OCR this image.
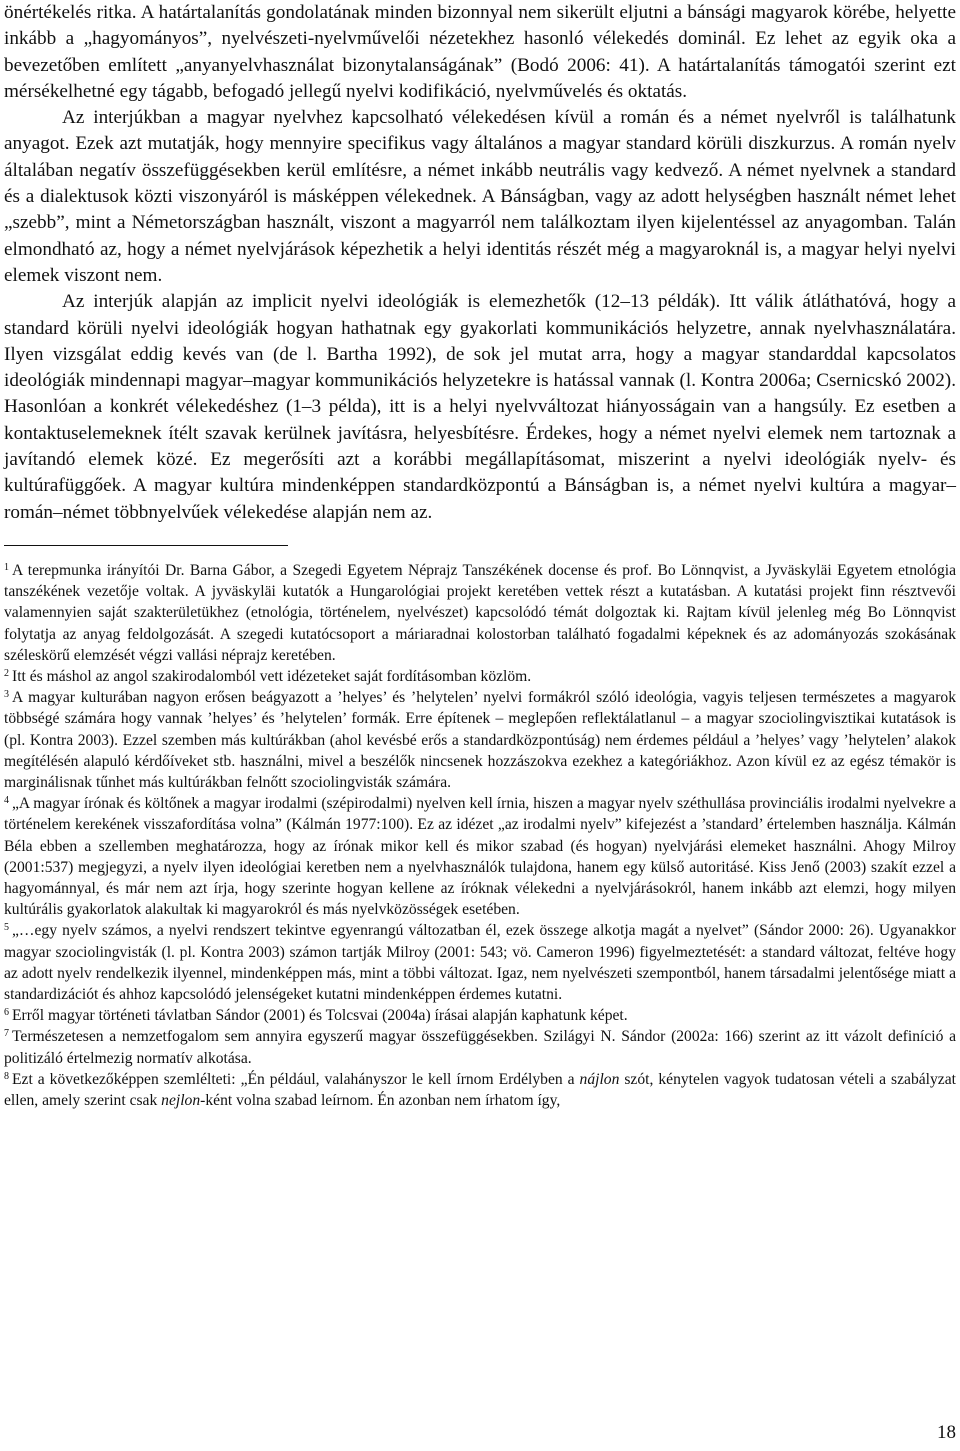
önértékelés ritka. A határtalanítás gondolatának minden bizonnyal nem sikerült eljutni a bánsági magyarok körébe, helyette inkább a „hagyományos”, nyelvészeti-nyelvművelői nézetekhez hasonló vélekedés dominál. Ez lehet az egyik oka a bevezetőben említett „anyanyelvhasználat bizonytalanságának” (Bodó 2006: 41). A határtalanítás támogatói szerint ezt mérsékelhetné egy tágabb, befogadó jellegű nyelvi kodifikáció, nyelvművelés és oktatás.

Az interjúkban a magyar nyelvhez kapcsolható vélekedésen kívül a román és a német nyelvről is találhatunk anyagot. Ezek azt mutatják, hogy mennyire specifikus vagy általános a magyar standard körüli diszkurzus. A román nyelv általában negatív összefüggésekben kerül említésre, a német inkább neutrális vagy kedvező. A német nyelvnek a standard és a dialektusok közti viszonyáról is másképpen vélekednek. A Bánságban, vagy az adott helységben használt német lehet „szebb”, mint a Németországban használt, viszont a magyarról nem találkoztam ilyen kijelentéssel az anyagomban. Talán elmondható az, hogy a német nyelvjárások képezhetik a helyi identitás részét még a magyaroknál is, a magyar helyi nyelvi elemek viszont nem.

Az interjúk alapján az implicit nyelvi ideológiák is elemezhetők (12–13 példák). Itt válik átláthatóvá, hogy a standard körüli nyelvi ideológiák hogyan hathatnak egy gyakorlati kommunikációs helyzetre, annak nyelvhasználatára. Ilyen vizsgálat eddig kevés van (de l. Bartha 1992), de sok jel mutat arra, hogy a magyar standarddal kapcsolatos ideológiák mindennapi magyar–magyar kommunikációs helyzetekre is hatással vannak (l. Kontra 2006a; Csernicskó 2002). Hasonlóan a konkrét vélekedéshez (1–3 példa), itt is a helyi nyelvváltozat hiányosságain van a hangsúly. Ez esetben a kontaktuselemeknek ítélt szavak kerülnek javításra, helyesbítésre. Érdekes, hogy a német nyelvi elemek nem tartoznak a javítandó elemek közé. Ez megerősíti azt a korábbi megállapításomat, miszerint a nyelvi ideológiák nyelv- és kultúrafüggőek. A magyar kultúra mindenképpen standardközpontú a Bánságban is, a német nyelvi kultúra a magyar–román–német többnyelvűek vélekedése alapján nem az.

$^1$ A terepmunka irányítói Dr. Barna Gábor, a Szegedi Egyetem Néprajz Tanszékének docense és prof. Bo Lönnqvist, a Jyväskyläi Egyetem etnológia tanszékének vezetője voltak. A jyväskyläi kutatók a Hungarológiai projekt keretében vettek részt a kutatásban. A kutatási projekt finn résztvevői valamennyien saját szakterületükhez (etnológia, történelem, nyelvészet) kapcsolódó témát dolgoztak ki. Rajtam kívül jelenleg még Bo Lönnqvist folytatja az anyag feldolgozását. A szegedi kutatócsoport a máriaradnai kolostorban található fogadalmi képeknek és az adományozás szokásának széleskörű elemzését végzi vallási néprajz keretében.

$^2$ Itt és máshol az angol szakirodalomból vett idézeteket saját fordításomban közlöm.

$^3$ A magyar kulturában nagyon erősen beágyazott a ’helyes’ és ’helytelen’ nyelvi formákról szóló ideológia, vagyis teljesen természetes a magyarok többségé számára hogy vannak ’helyes’ és ’helytelen’ formák. Erre építenek – meglepően reflektálatlanul – a magyar szociolingvisztikai kutatások is (pl. Kontra 2003). Ezzel szemben más kultúrákban (ahol kevésbé erős a standardközpontúság) nem érdemes például a ’helyes’ vagy ’helytelen’ alakok megítélésén alapuló kérdőíveket stb. használni, mivel a beszélők nincsenek hozzászokva ezekhez a kategóriákhoz. Azon kívül ez az egész témakör is marginálisnak tűnhet más kultúrákban felnőtt szociolingvisták számára.

$^4$ „A magyar írónak és költőnek a magyar irodalmi (szépirodalmi) nyelven kell írnia, hiszen a magyar nyelv széthullása provinciális irodalmi nyelvekre a történelem kerekének visszafordítása volna” (Kálmán 1977:100). Ez az idézet „az irodalmi nyelv” kifejezést a ’standard’ értelemben használja. Kálmán Béla ebben a szellemben meghatározza, hogy az írónak mikor kell és mikor szabad (és hogyan) nyelvjárási elemeket használni. Ahogy Milroy (2001:537) megjegyzi, a nyelv ilyen ideológiai keretben nem a nyelvhasználók tulajdona, hanem egy külső autoritásé. Kiss Jenő (2003) szakít ezzel a hagyománnyal, és már nem azt írja, hogy szerinte hogyan kellene az íróknak vélekedni a nyelvjárásokról, hanem inkább azt elemzi, hogy milyen kultúrális gyakorlatok alakultak ki magyarokról és más nyelvközösségek esetében.

$^5$ „…egy nyelv számos, a nyelvi rendszert tekintve egyenrangú változatban él, ezek összege alkotja magát a nyelvet” (Sándor 2000: 26). Ugyanakkor magyar szociolingvisták (l. pl. Kontra 2003) számon tartják Milroy (2001: 543; vö. Cameron 1996) figyelmeztetését: a standard változat, feltéve hogy az adott nyelv rendelkezik ilyennel, mindenképpen más, mint a többi változat. Igaz, nem nyelvészeti szempontból, hanem társadalmi jelentősége miatt a standardizációt és ahhoz kapcsolódó jelenségeket kutatni mindenképpen érdemes kutatni.

$^6$ Erről magyar történeti távlatban Sándor (2001) és Tolcsvai (2004a) írásai alapján kaphatunk képet.

$^7$ Természetesen a nemzetfogalom sem annyira egyszerű magyar összefüggésekben. Szilágyi N. Sándor (2002a: 166) szerint az itt vázolt definíció a politizáló értelmezig normatív alkotása.

$^8$ Ezt a következőképpen szemlélteti: „Én például, valahányszor le kell írnom Erdélyben a nájlon szót, kénytelen vagyok tudatosan vételi a szabályzat ellen, amely szerint csak nejlon-ként volna szabad leírnom. Én azonban nem írhatom így,

18
